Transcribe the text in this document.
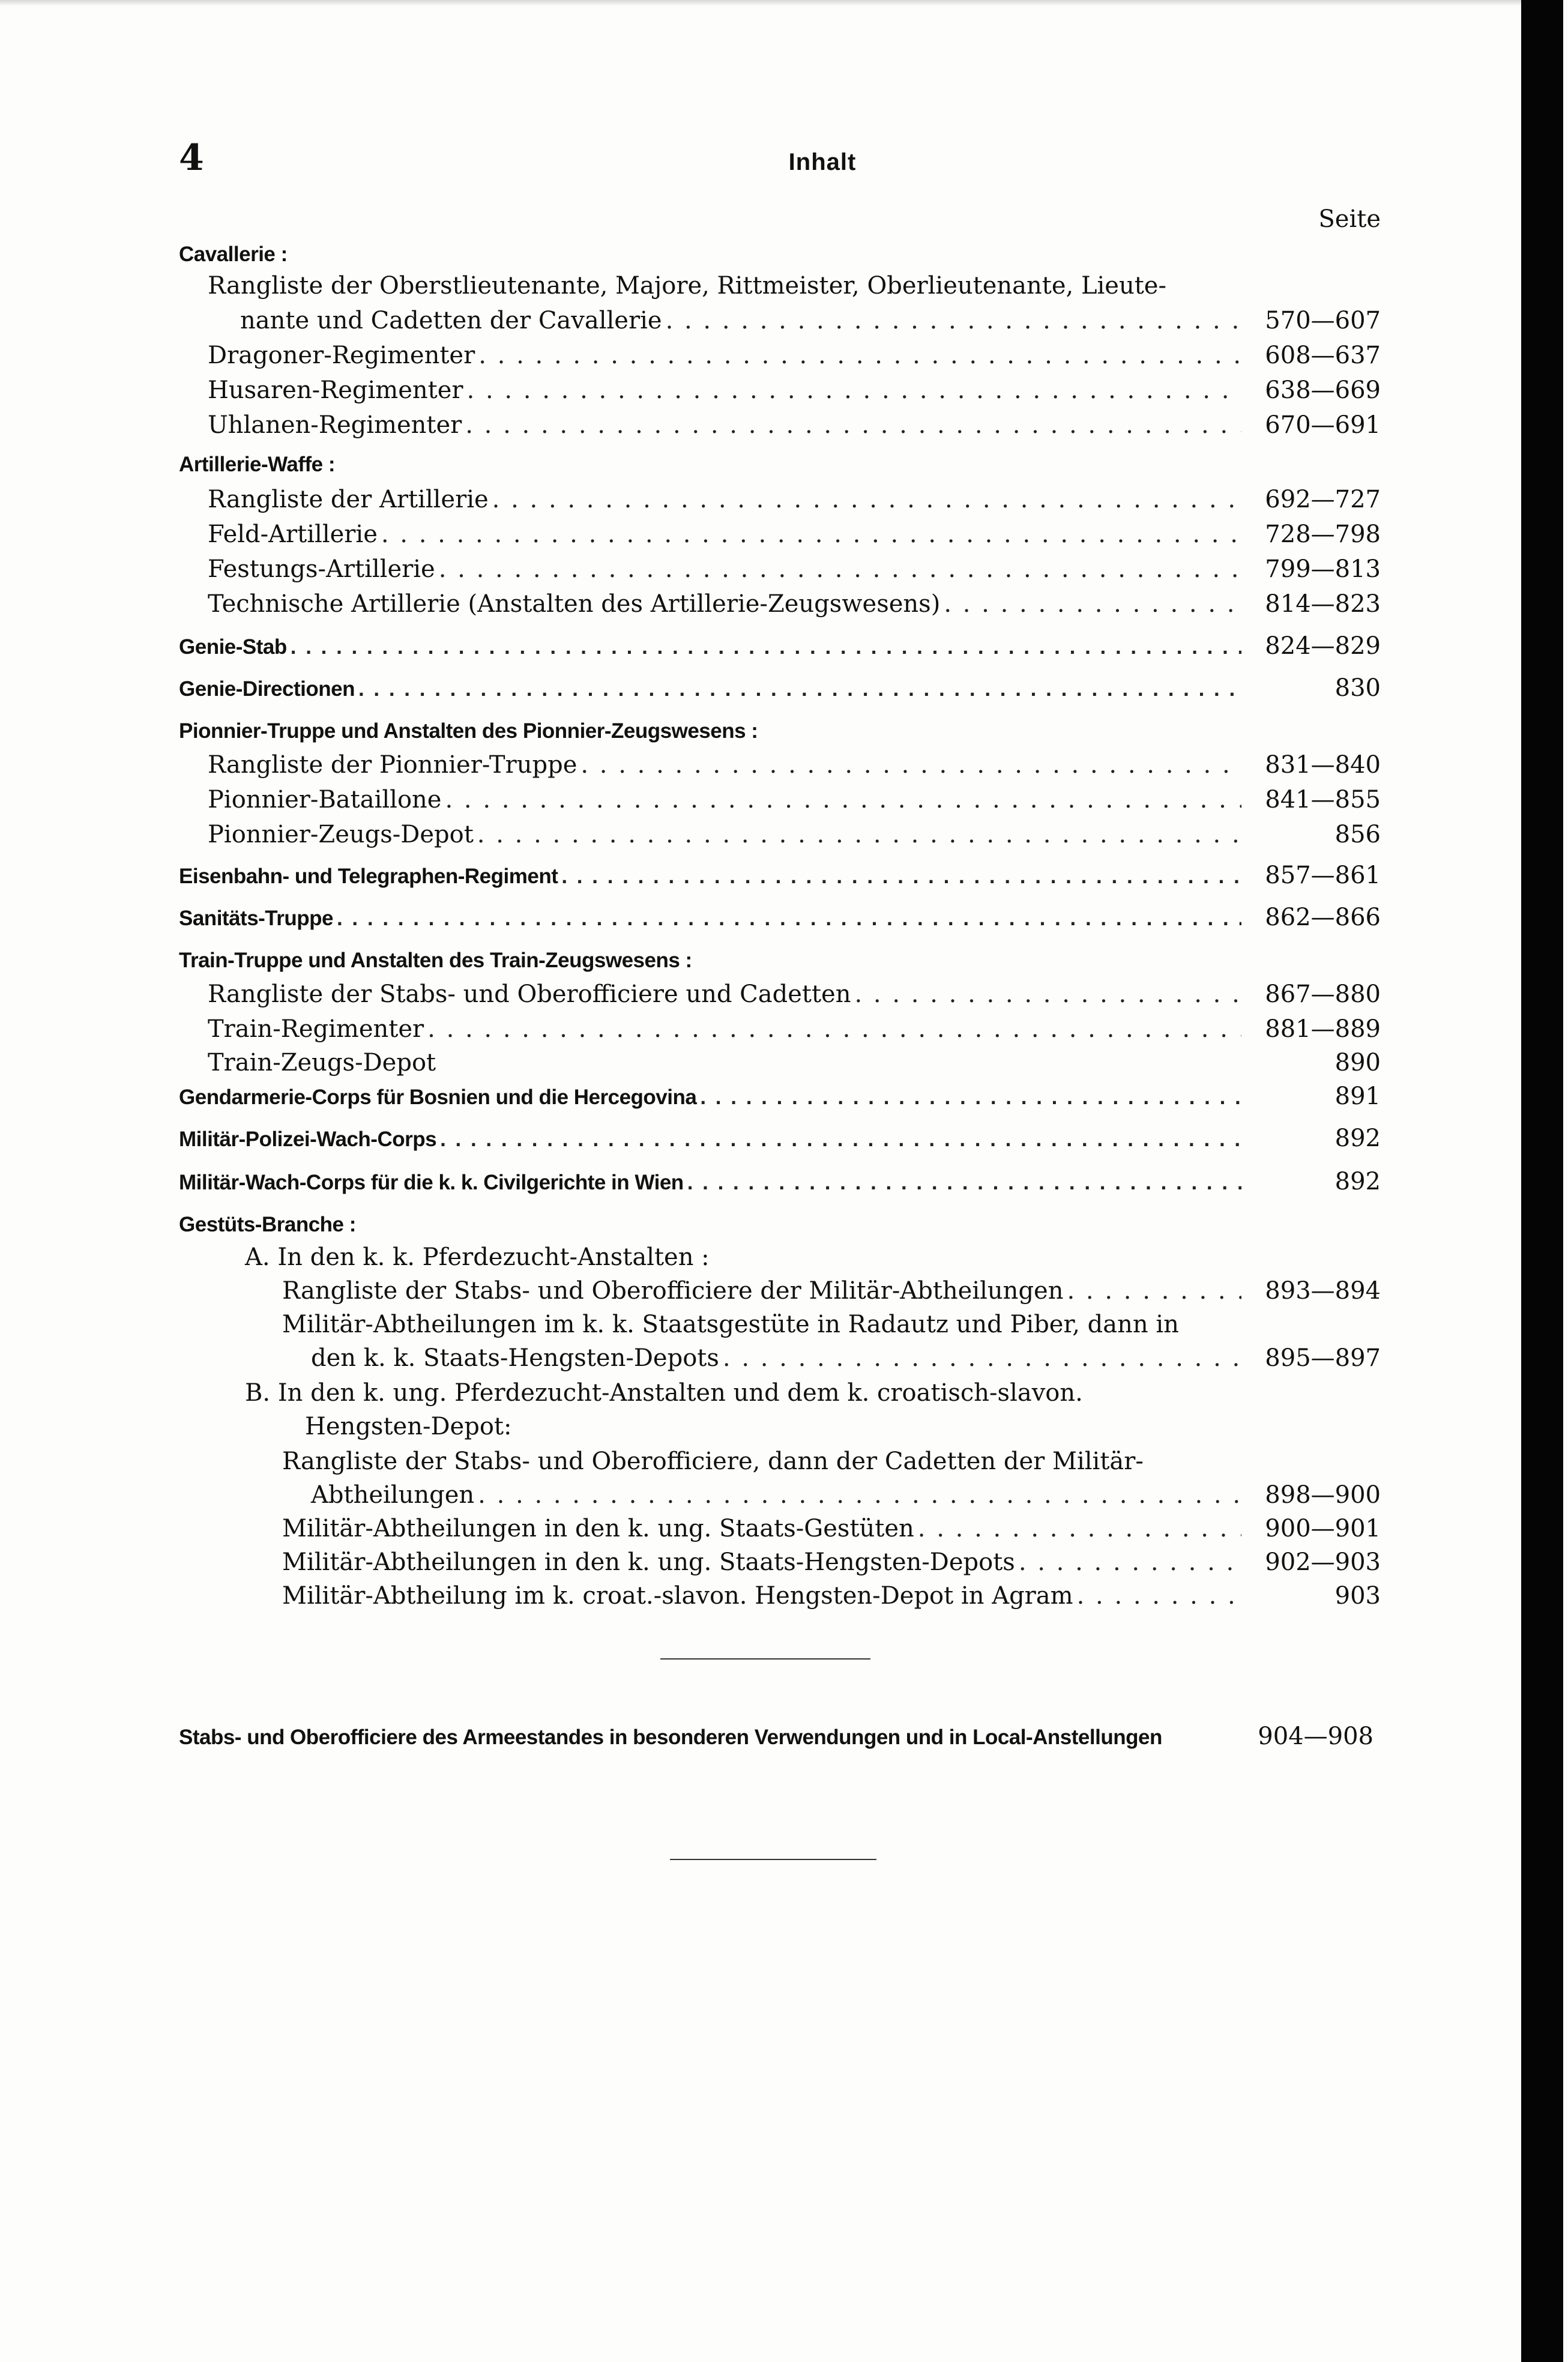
4	Inhalt
Seite
Cavallerie :
Rangliste der Oberstlieutenante, Majore, Rittmeister, Oberlieutenante, Lieute-
nante und Cadetten der Cavallerie . . .	570—607
Dragoner-Regimenter . . .	608—637
Husaren-Regimenter . . .	638—669
Uhlanen-Regimenter . . .	670—691
Artillerie-Waffe :
Rangliste der Artillerie . . .	692—727
Feld-Artillerie . . .	728—798
Festungs-Artillerie . . .	799—813
Technische Artillerie (Anstalten des Artillerie-Zeugswesens) . . .	814—823
Genie-Stab . . .	824—829
Genie-Directionen . . .	830
Pionnier-Truppe und Anstalten des Pionnier-Zeugswesens :
Rangliste der Pionnier-Truppe . . .	831—840
Pionnier-Bataillone . . .	841—855
Pionnier-Zeugs-Depot . . .	856
Eisenbahn- und Telegraphen-Regiment . . .	857—861
Sanitäts-Truppe . . .	862—866
Train-Truppe und Anstalten des Train-Zeugswesens :
Rangliste der Stabs- und Oberofficiere und Cadetten . . .	867—880
Train-Regimenter . . .	881—889
Train-Zeugs-Depot	890
Gendarmerie-Corps für Bosnien und die Hercegovina . . .	891
Militär-Polizei-Wach-Corps . . .	892
Militär-Wach-Corps für die k. k. Civilgerichte in Wien . . .	892
Gestüts-Branche :
A. In den k. k. Pferdezucht-Anstalten :
Rangliste der Stabs- und Oberofficiere der Militär-Abtheilungen . . .	893—894
Militär-Abtheilungen im k. k. Staatsgestüte in Radautz und Piber, dann in
den k. k. Staats-Hengsten-Depots . . .	895—897
B. In den k. ung. Pferdezucht-Anstalten und dem k. croatisch-slavon.
Hengsten-Depot:
Rangliste der Stabs- und Oberofficiere, dann der Cadetten der Militär-
Abtheilungen . . .	898—900
Militär-Abtheilungen in den k. ung. Staats-Gestüten . . .	900—901
Militär-Abtheilungen in den k. ung. Staats-Hengsten-Depots . . .	902—903
Militär-Abtheilung im k. croat.-slavon. Hengsten-Depot in Agram . . .	903
Stabs- und Oberofficiere des Armeestandes in besonderen Verwendungen und in Local-Anstellungen	904—908
